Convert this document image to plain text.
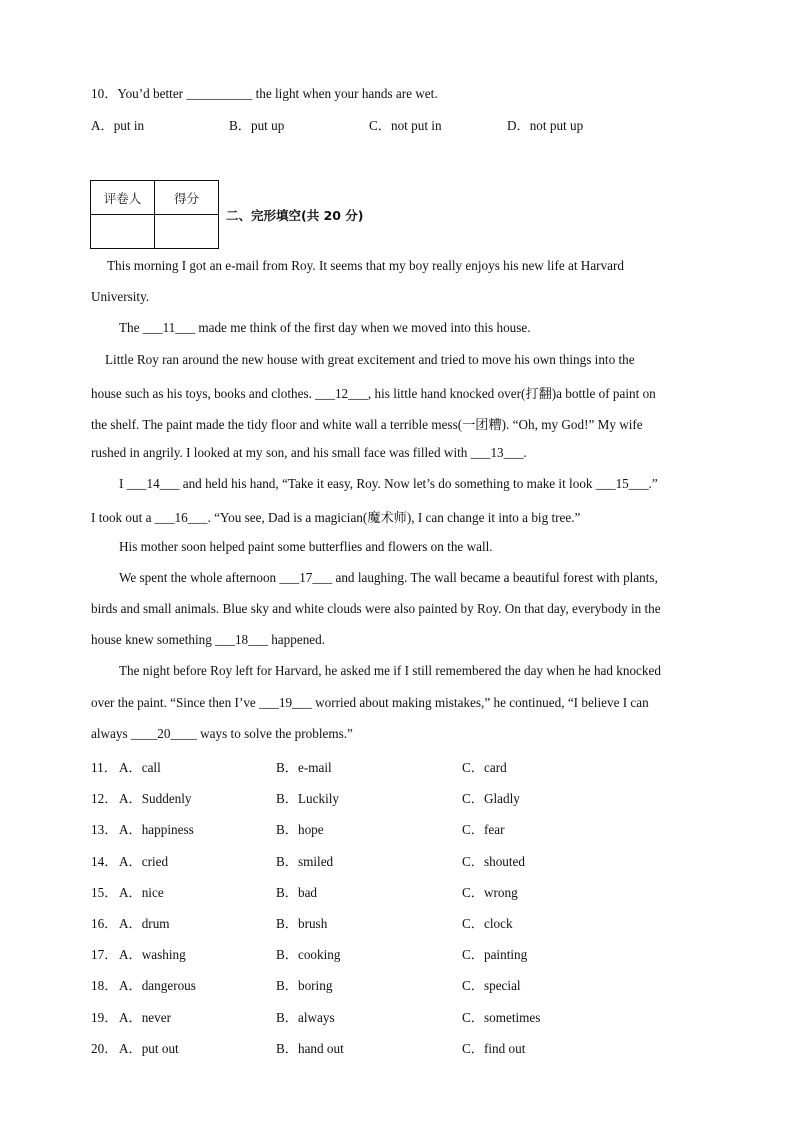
10．You’d better __________ the light when your hands are wet.
A．put in	B．put up	C．not put in	D．not put up
评卷人	得分

二、完形填空(共 20 分)
This morning I got an e-mail from Roy. It seems that my boy really enjoys his new life at Harvard
University.
The ___11___ made me think of the first day when we moved into this house.
Little Roy ran around the new house with great excitement and tried to move his own things into the
house such as his toys, books and clothes. ___12___, his little hand knocked over(打翻)a bottle of paint on
the shelf. The paint made the tidy floor and white wall a terrible mess(一团糟). “Oh, my God!” My wife
rushed in angrily. I looked at my son, and his small face was filled with ___13___.
I ___14___ and held his hand, “Take it easy, Roy. Now let’s do something to make it look ___15___.”
I took out a ___16___. “You see, Dad is a magician(魔术师), I can change it into a big tree.”
His mother soon helped paint some butterflies and flowers on the wall.
We spent the whole afternoon ___17___ and laughing. The wall became a beautiful forest with plants,
birds and small animals. Blue sky and white clouds were also painted by Roy. On that day, everybody in the
house knew something ___18___ happened.
The night before Roy left for Harvard, he asked me if I still remembered the day when he had knocked
over the paint. “Since then I’ve ___19___ worried about making mistakes,” he continued, “I believe I can
always ____20____ ways to solve the problems.”
11． A．call	B．e-mail	C．card
12． A．Suddenly	B．Luckily	C．Gladly
13． A．happiness	B．hope	C．fear
14． A．cried	B．smiled	C．shouted
15． A．nice	B．bad	C．wrong
16． A．drum	B．brush	C．clock
17． A．washing	B．cooking	C．painting
18． A．dangerous	B．boring	C．special
19． A．never	B．always	C．sometimes
20． A．put out	B．hand out	C．find out
